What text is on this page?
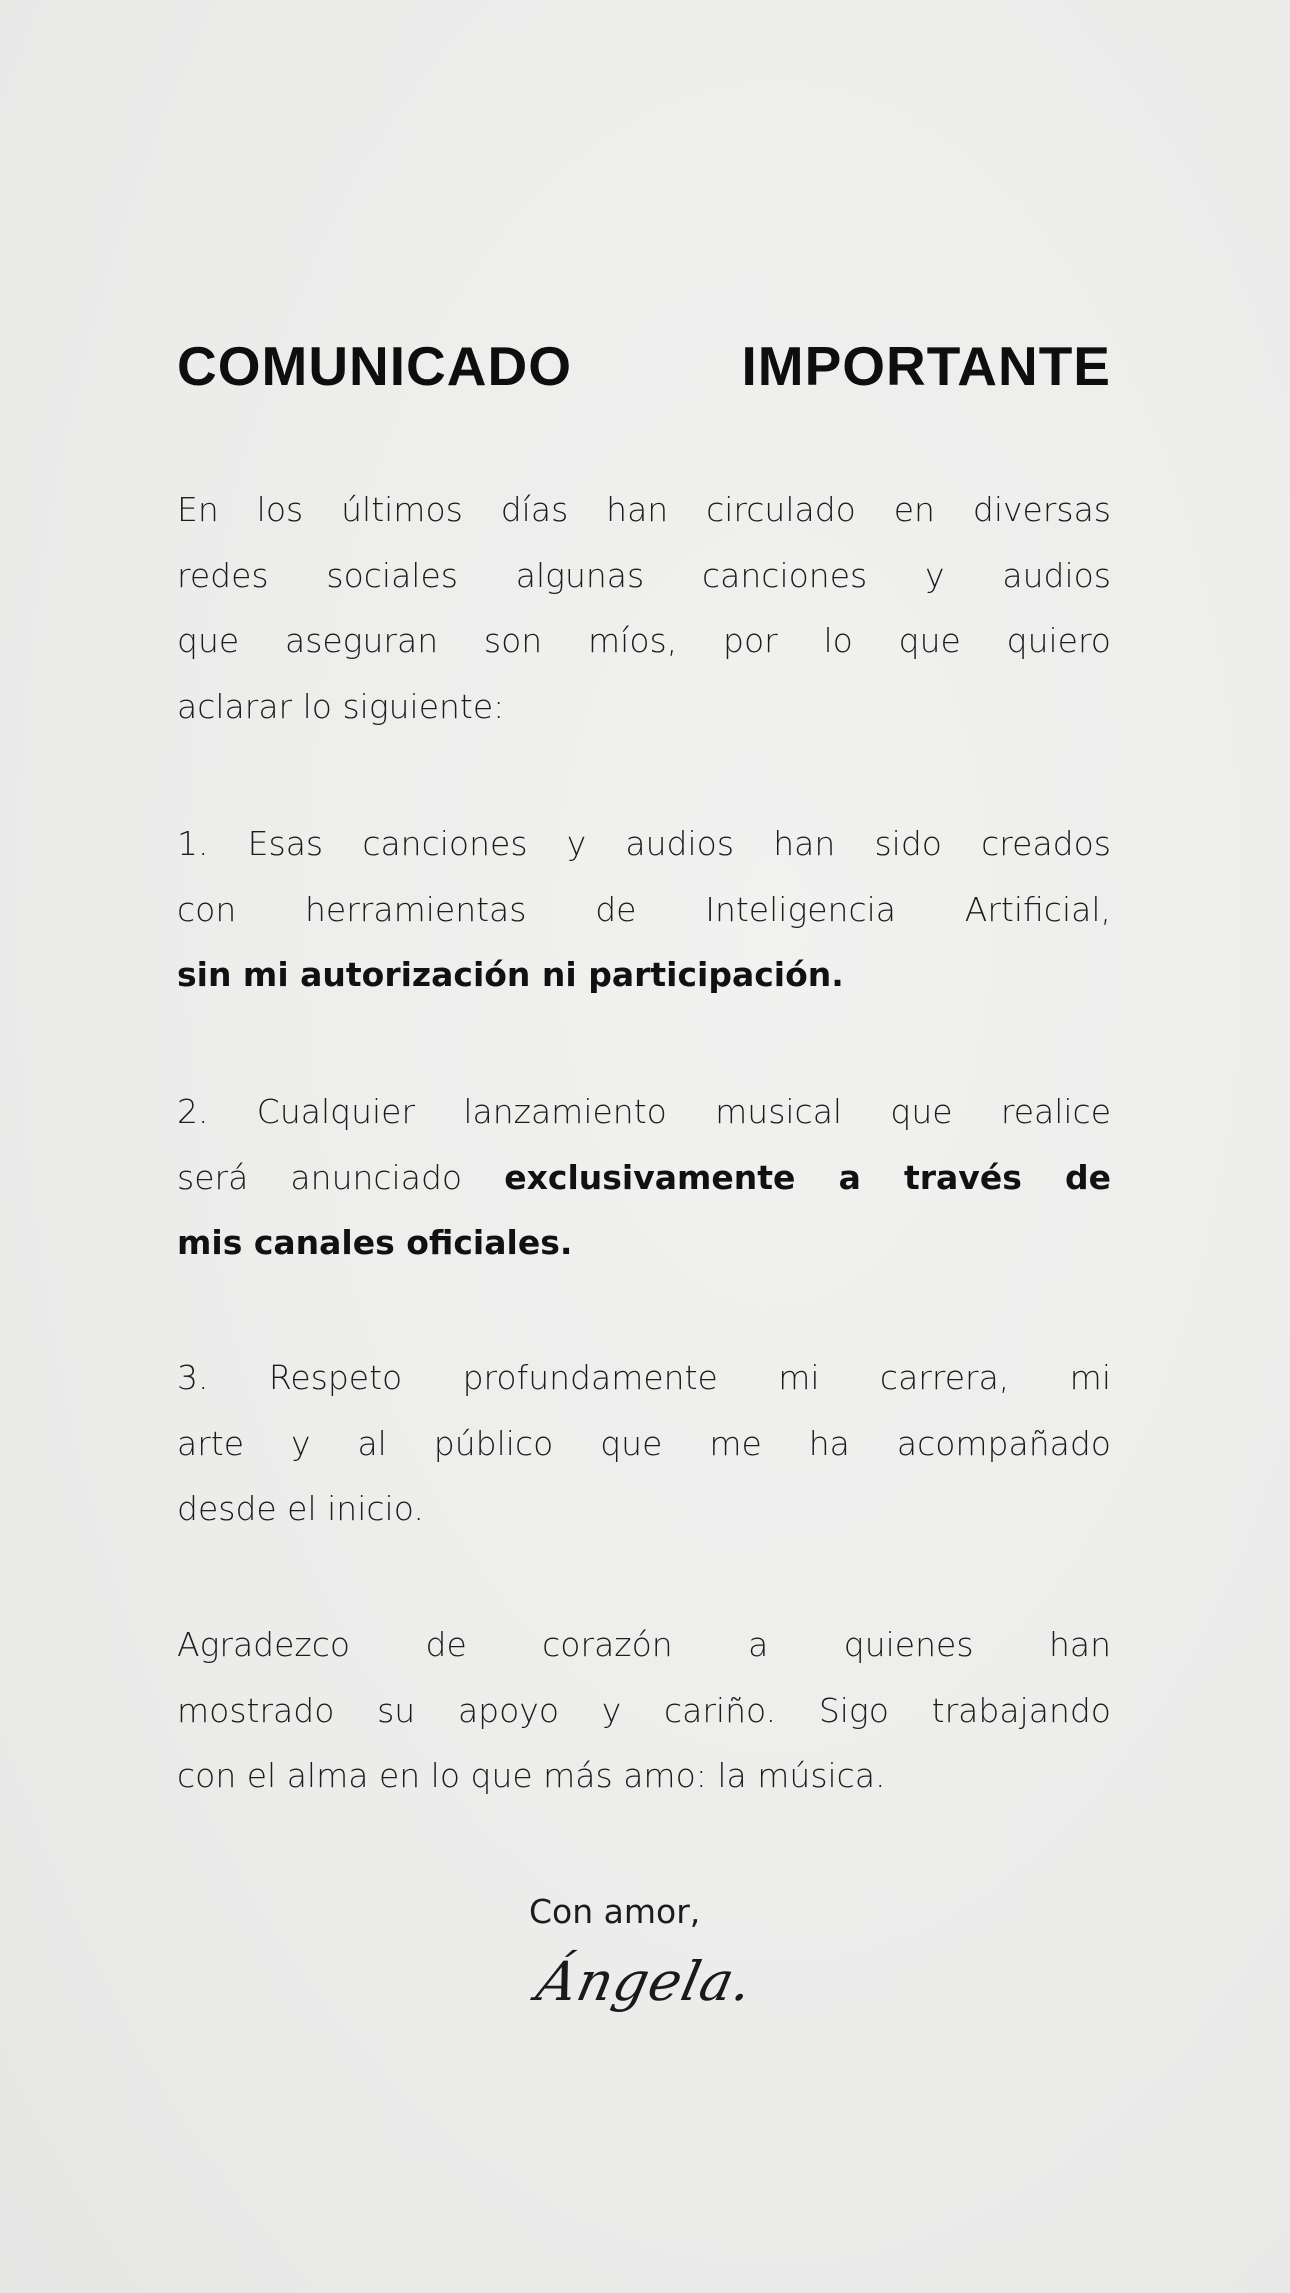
COMUNICADO IMPORTANTE
En los últimos días han circulado en diversas
redes sociales algunas canciones y audios
que aseguran son míos, por lo que quiero
aclarar lo siguiente:
1. Esas canciones y audios han sido creados
con herramientas de Inteligencia Artificial,
sin mi autorización ni participación.
2. Cualquier lanzamiento musical que realice
será anunciado exclusivamente a través de
mis canales oficiales.
3. Respeto profundamente mi carrera, mi
arte y al público que me ha acompañado
desde el inicio.
Agradezco de corazón a quienes han
mostrado su apoyo y cariño. Sigo trabajando
con el alma en lo que más amo: la música.
Con amor,
Ángela.
